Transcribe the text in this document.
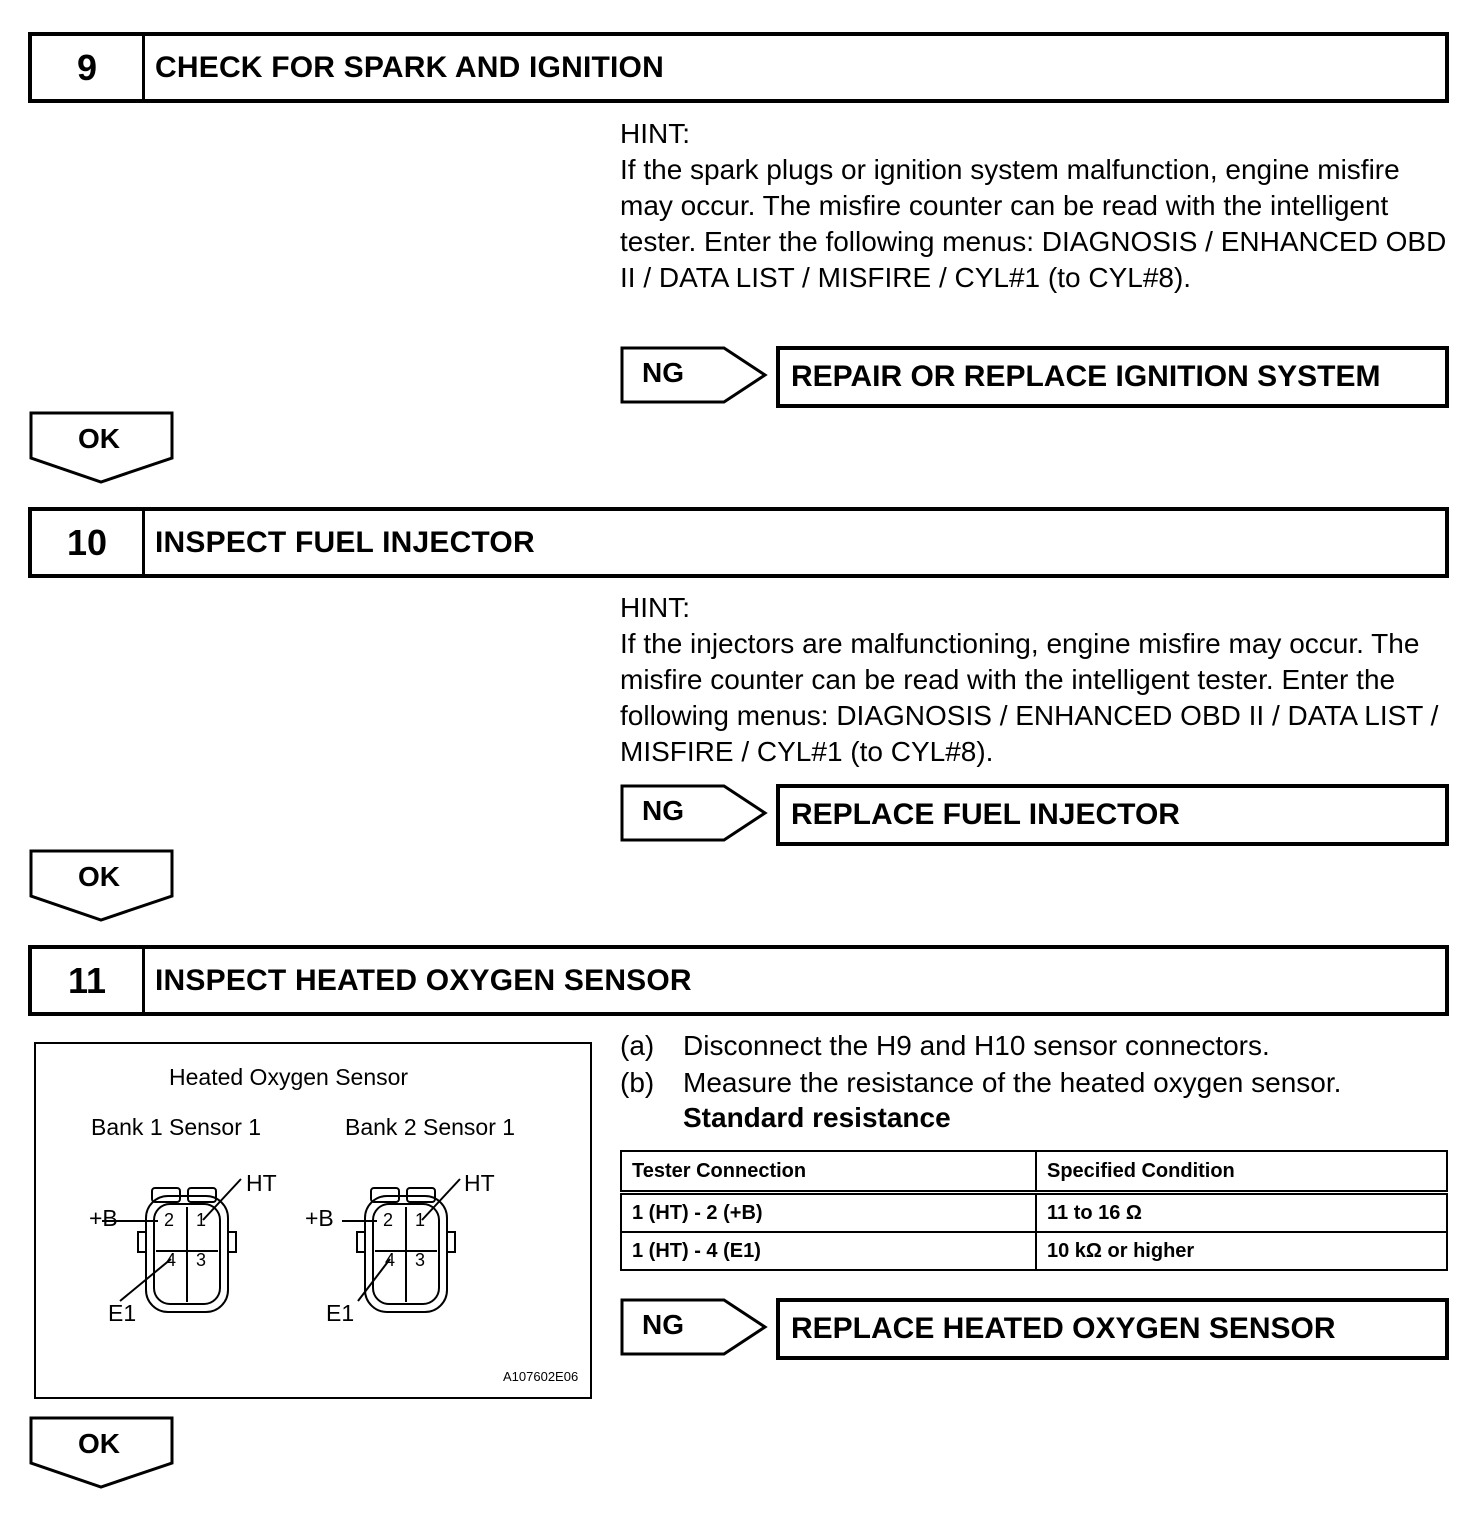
9	CHECK FOR SPARK AND IGNITION
HINT:
If the spark plugs or ignition system malfunction, engine misfire may occur. The misfire counter can be read with the intelligent tester. Enter the following menus: DIAGNOSIS / ENHANCED OBD II / DATA LIST / MISFIRE / CYL#1 (to CYL#8).
NG	REPAIR OR REPLACE IGNITION SYSTEM
OK
10	INSPECT FUEL INJECTOR
HINT:
If the injectors are malfunctioning, engine misfire may occur. The misfire counter can be read with the intelligent tester. Enter the following menus: DIAGNOSIS / ENHANCED OBD II / DATA LIST / MISFIRE / CYL#1 (to CYL#8).
NG	REPLACE FUEL INJECTOR
OK
11	INSPECT HEATED OXYGEN SENSOR
Heated Oxygen Sensor
Bank 1 Sensor 1	Bank 2 Sensor 1
2 1
4 3
HT
+B
E1
2 1
4 3
HT
+B
E1
A107602E06
(a) Disconnect the H9 and H10 sensor connectors.
(b) Measure the resistance of the heated oxygen sensor.
Standard resistance
Tester Connection	Specified Condition
1 (HT) - 2 (+B)	11 to 16 Ω
1 (HT) - 4 (E1)	10 kΩ or higher
NG	REPLACE HEATED OXYGEN SENSOR
OK
